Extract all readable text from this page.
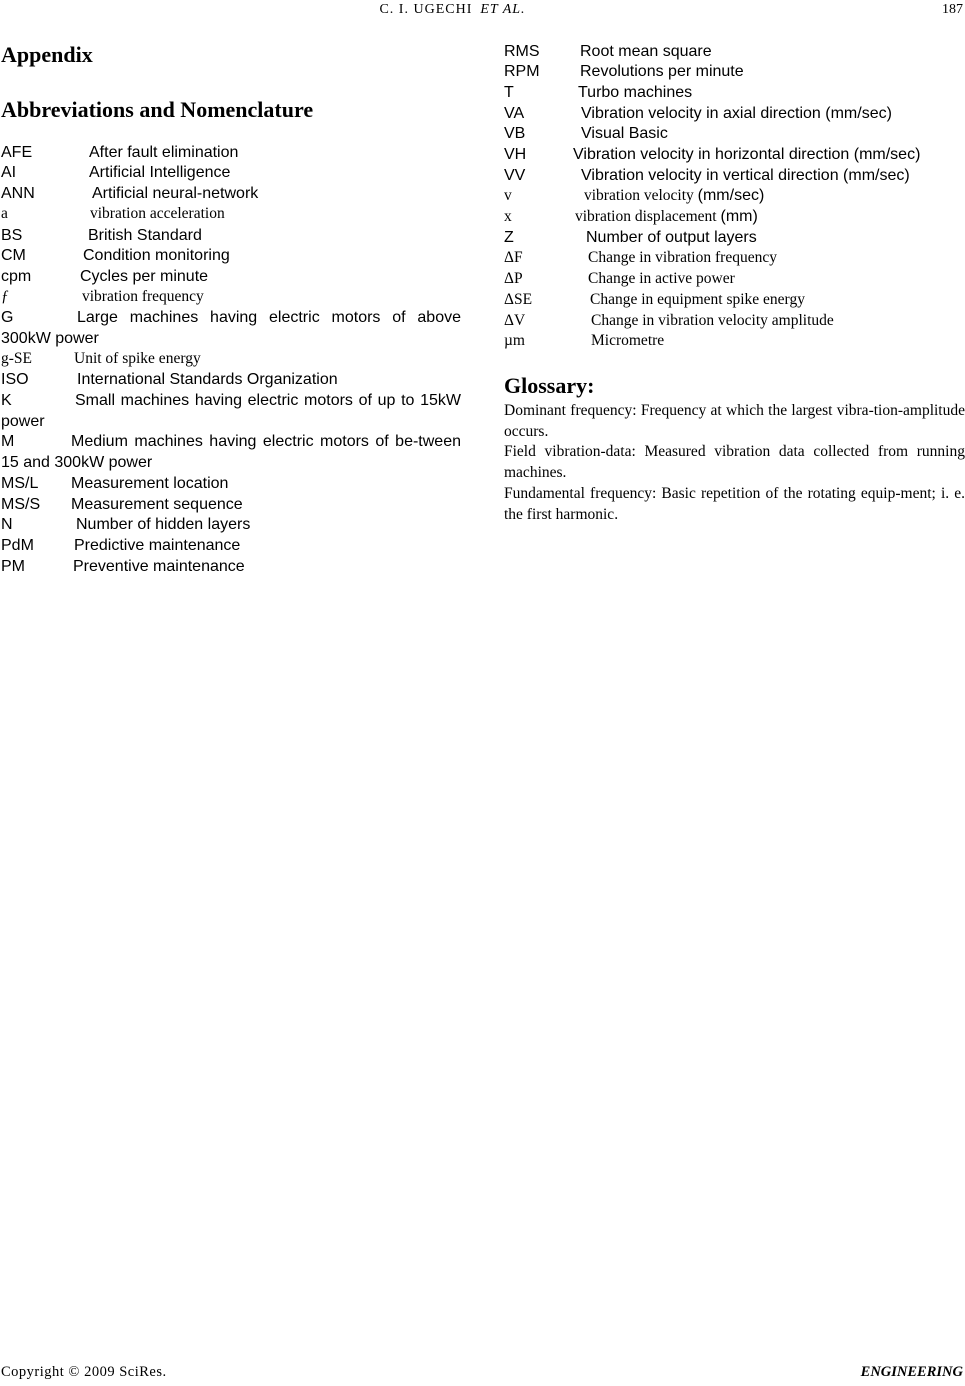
C. I. UGECHI ET AL.	187
Appendix
Abbreviations and Nomenclature
AFE	After fault elimination
AI	Artificial Intelligence
ANN	Artificial neural-network
a	vibration acceleration
BS	British Standard
CM	Condition monitoring
cpm	Cycles per minute
ƒ	vibration frequency
G	Large machines having electric motors of above 300kW power
g-SE	Unit of spike energy
ISO	International Standards Organization
K	Small machines having electric motors of up to 15kW power
M	Medium machines having electric motors of be-tween 15 and 300kW power
MS/L Measurement location
MS/S Measurement sequence
N	Number of hidden layers
PdM	Predictive maintenance
PM	Preventive maintenance
RMS	Root mean square
RPM	Revolutions per minute
T	Turbo machines
VA	Vibration velocity in axial direction (mm/sec)
VB	Visual Basic
VH	Vibration velocity in horizontal direction (mm/sec)
VV	Vibration velocity in vertical direction (mm/sec)
v	vibration velocity (mm/sec)
x	vibration displacement (mm)
Z	Number of output layers
ΔF	Change in vibration frequency
ΔP	Change in active power
ΔSE	Change in equipment spike energy
ΔV	Change in vibration velocity amplitude
µm	Micrometre
Glossary:
Dominant frequency: Frequency at which the largest vibra-tion-amplitude occurs.
Field vibration-data: Measured vibration data collected from running machines.
Fundamental frequency: Basic repetition of the rotating equip-ment; i. e. the first harmonic.
Copyright © 2009 SciRes.	ENGINEERING
